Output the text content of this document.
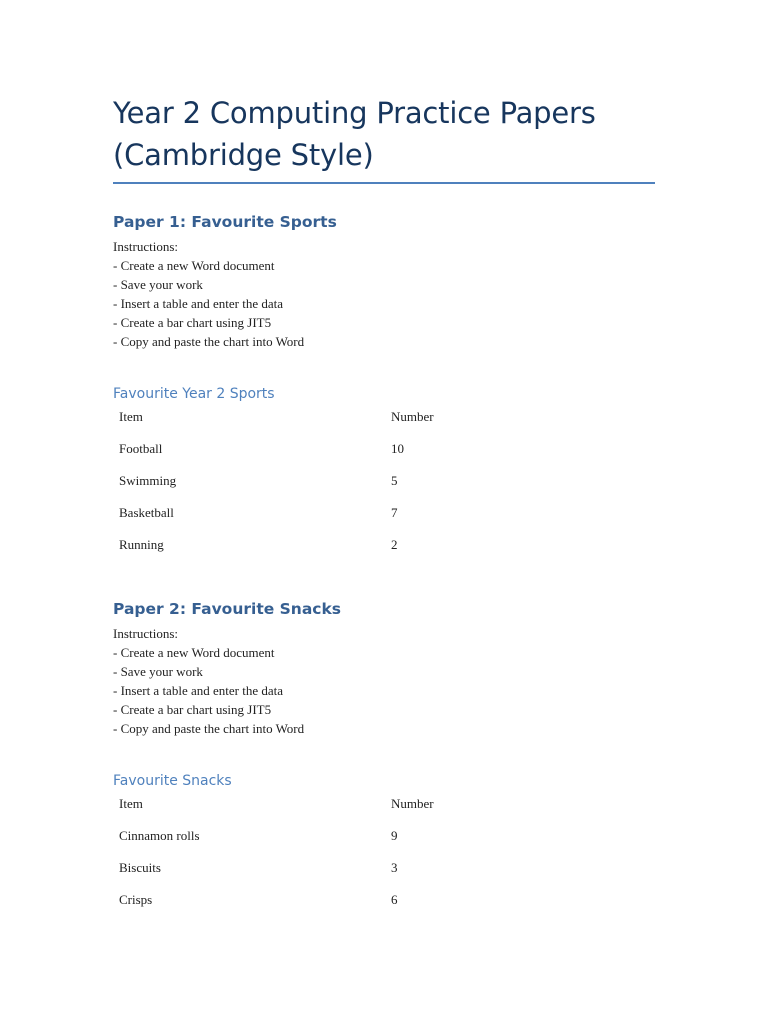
Year 2 Computing Practice Papers
(Cambridge Style)
Paper 1: Favourite Sports
Instructions:
- Create a new Word document
- Save your work
- Insert a table and enter the data
- Create a bar chart using JIT5
- Copy and paste the chart into Word
Favourite Year 2 Sports
Item	Number
Football	10
Swimming	5
Basketball	7
Running	2
Paper 2: Favourite Snacks
Instructions:
- Create a new Word document
- Save your work
- Insert a table and enter the data
- Create a bar chart using JIT5
- Copy and paste the chart into Word
Favourite Snacks
Item	Number
Cinnamon rolls	9
Biscuits	3
Crisps	6
